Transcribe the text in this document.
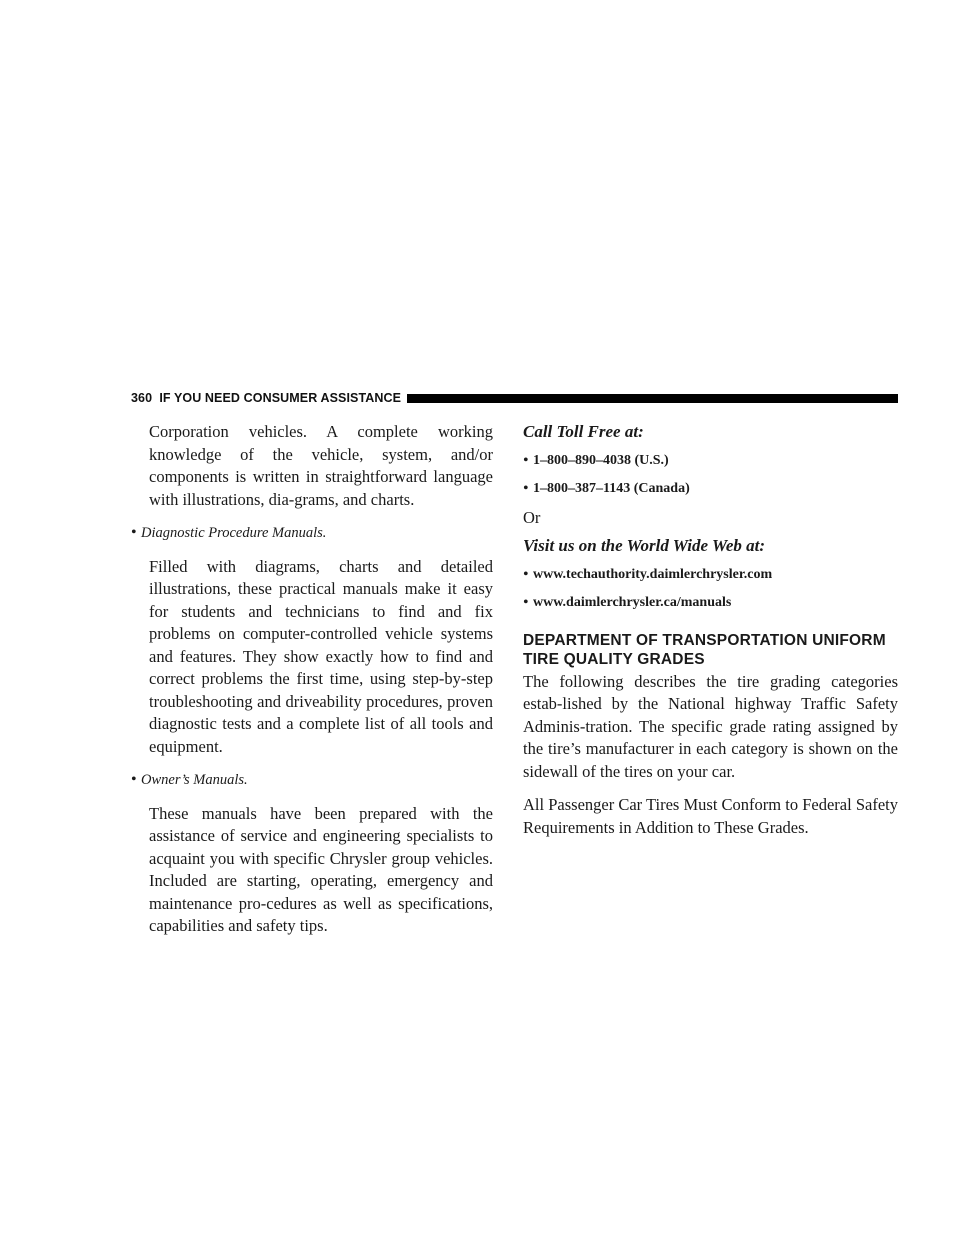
360
IF YOU NEED CONSUMER ASSISTANCE

Corporation vehicles. A complete working knowledge of the vehicle, system, and/or components is written in straightforward language with illustrations, dia-grams, and charts.

• Diagnostic Procedure Manuals.

Filled with diagrams, charts and detailed illustrations, these practical manuals make it easy for students and technicians to find and fix problems on computer-controlled vehicle systems and features. They show exactly how to find and correct problems the first time, using step-by-step troubleshooting and driveability procedures, proven diagnostic tests and a complete list of all tools and equipment.

• Owner’s Manuals.

These manuals have been prepared with the assistance of service and engineering specialists to acquaint you with specific Chrysler group vehicles. Included are starting, operating, emergency and maintenance pro-cedures as well as specifications, capabilities and safety tips.

Call Toll Free at:

• 1–800–890–4038 (U.S.)
• 1–800–387–1143 (Canada)

Or

Visit us on the World Wide Web at:

• www.techauthority.daimlerchrysler.com
• www.daimlerchrysler.ca/manuals

DEPARTMENT OF TRANSPORTATION UNIFORM
TIRE QUALITY GRADES

The following describes the tire grading categories estab-lished by the National highway Traffic Safety Adminis-tration. The specific grade rating assigned by the tire’s manufacturer in each category is shown on the sidewall of the tires on your car.

All Passenger Car Tires Must Conform to Federal Safety Requirements in Addition to These Grades.
